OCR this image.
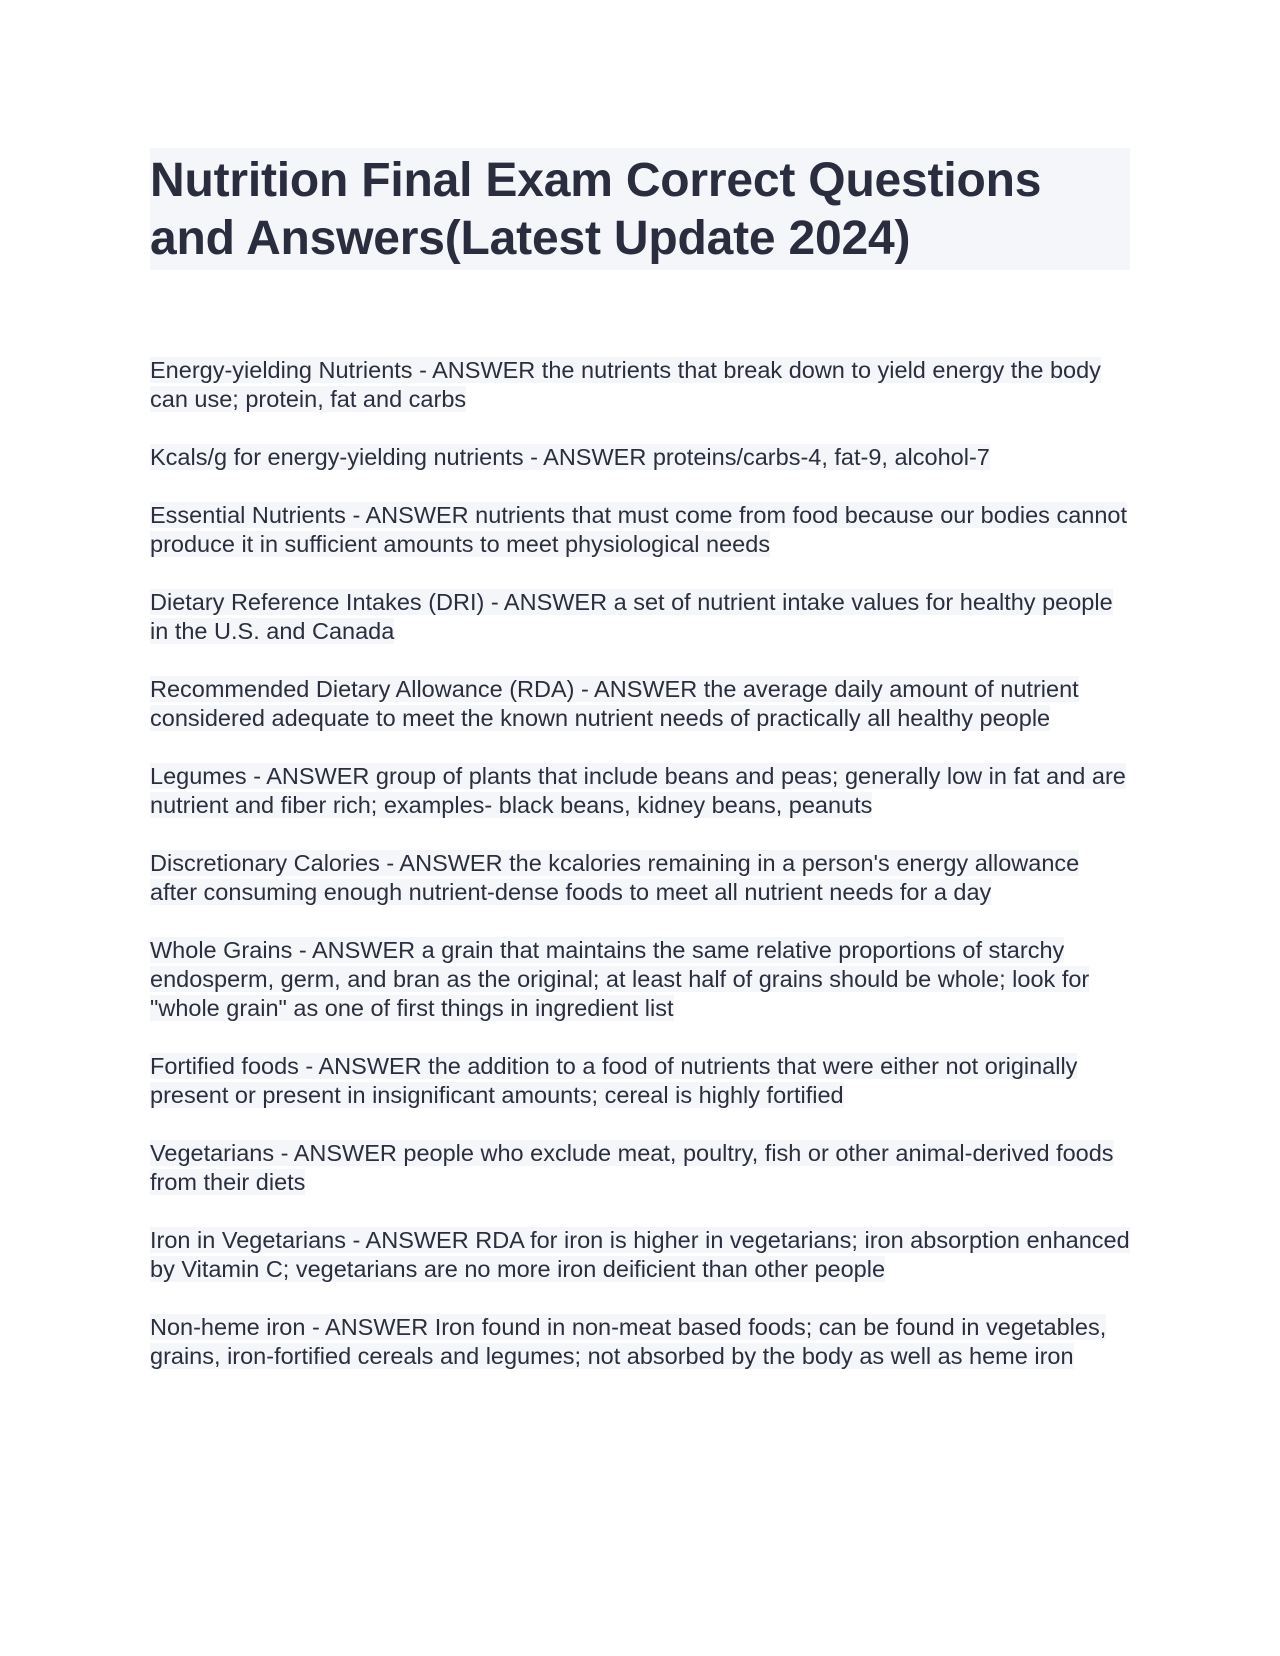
Nutrition Final Exam Correct Questions and Answers(Latest Update 2024)

Energy-yielding Nutrients - ANSWER the nutrients that break down to yield energy the body can use; protein, fat and carbs

Kcals/g for energy-yielding nutrients - ANSWER proteins/carbs-4, fat-9, alcohol-7

Essential Nutrients - ANSWER nutrients that must come from food because our bodies cannot produce it in sufficient amounts to meet physiological needs

Dietary Reference Intakes (DRI) - ANSWER a set of nutrient intake values for healthy people in the U.S. and Canada

Recommended Dietary Allowance (RDA) - ANSWER the average daily amount of nutrient considered adequate to meet the known nutrient needs of practically all healthy people

Legumes - ANSWER group of plants that include beans and peas; generally low in fat and are nutrient and fiber rich; examples- black beans, kidney beans, peanuts

Discretionary Calories - ANSWER the kcalories remaining in a person's energy allowance after consuming enough nutrient-dense foods to meet all nutrient needs for a day

Whole Grains - ANSWER a grain that maintains the same relative proportions of starchy endosperm, germ, and bran as the original; at least half of grains should be whole; look for "whole grain" as one of first things in ingredient list

Fortified foods - ANSWER the addition to a food of nutrients that were either not originally present or present in insignificant amounts; cereal is highly fortified

Vegetarians - ANSWER people who exclude meat, poultry, fish or other animal-derived foods from their diets

Iron in Vegetarians - ANSWER RDA for iron is higher in vegetarians; iron absorption enhanced by Vitamin C; vegetarians are no more iron deificient than other people

Non-heme iron - ANSWER Iron found in non-meat based foods; can be found in vegetables, grains, iron-fortified cereals and legumes; not absorbed by the body as well as heme iron
